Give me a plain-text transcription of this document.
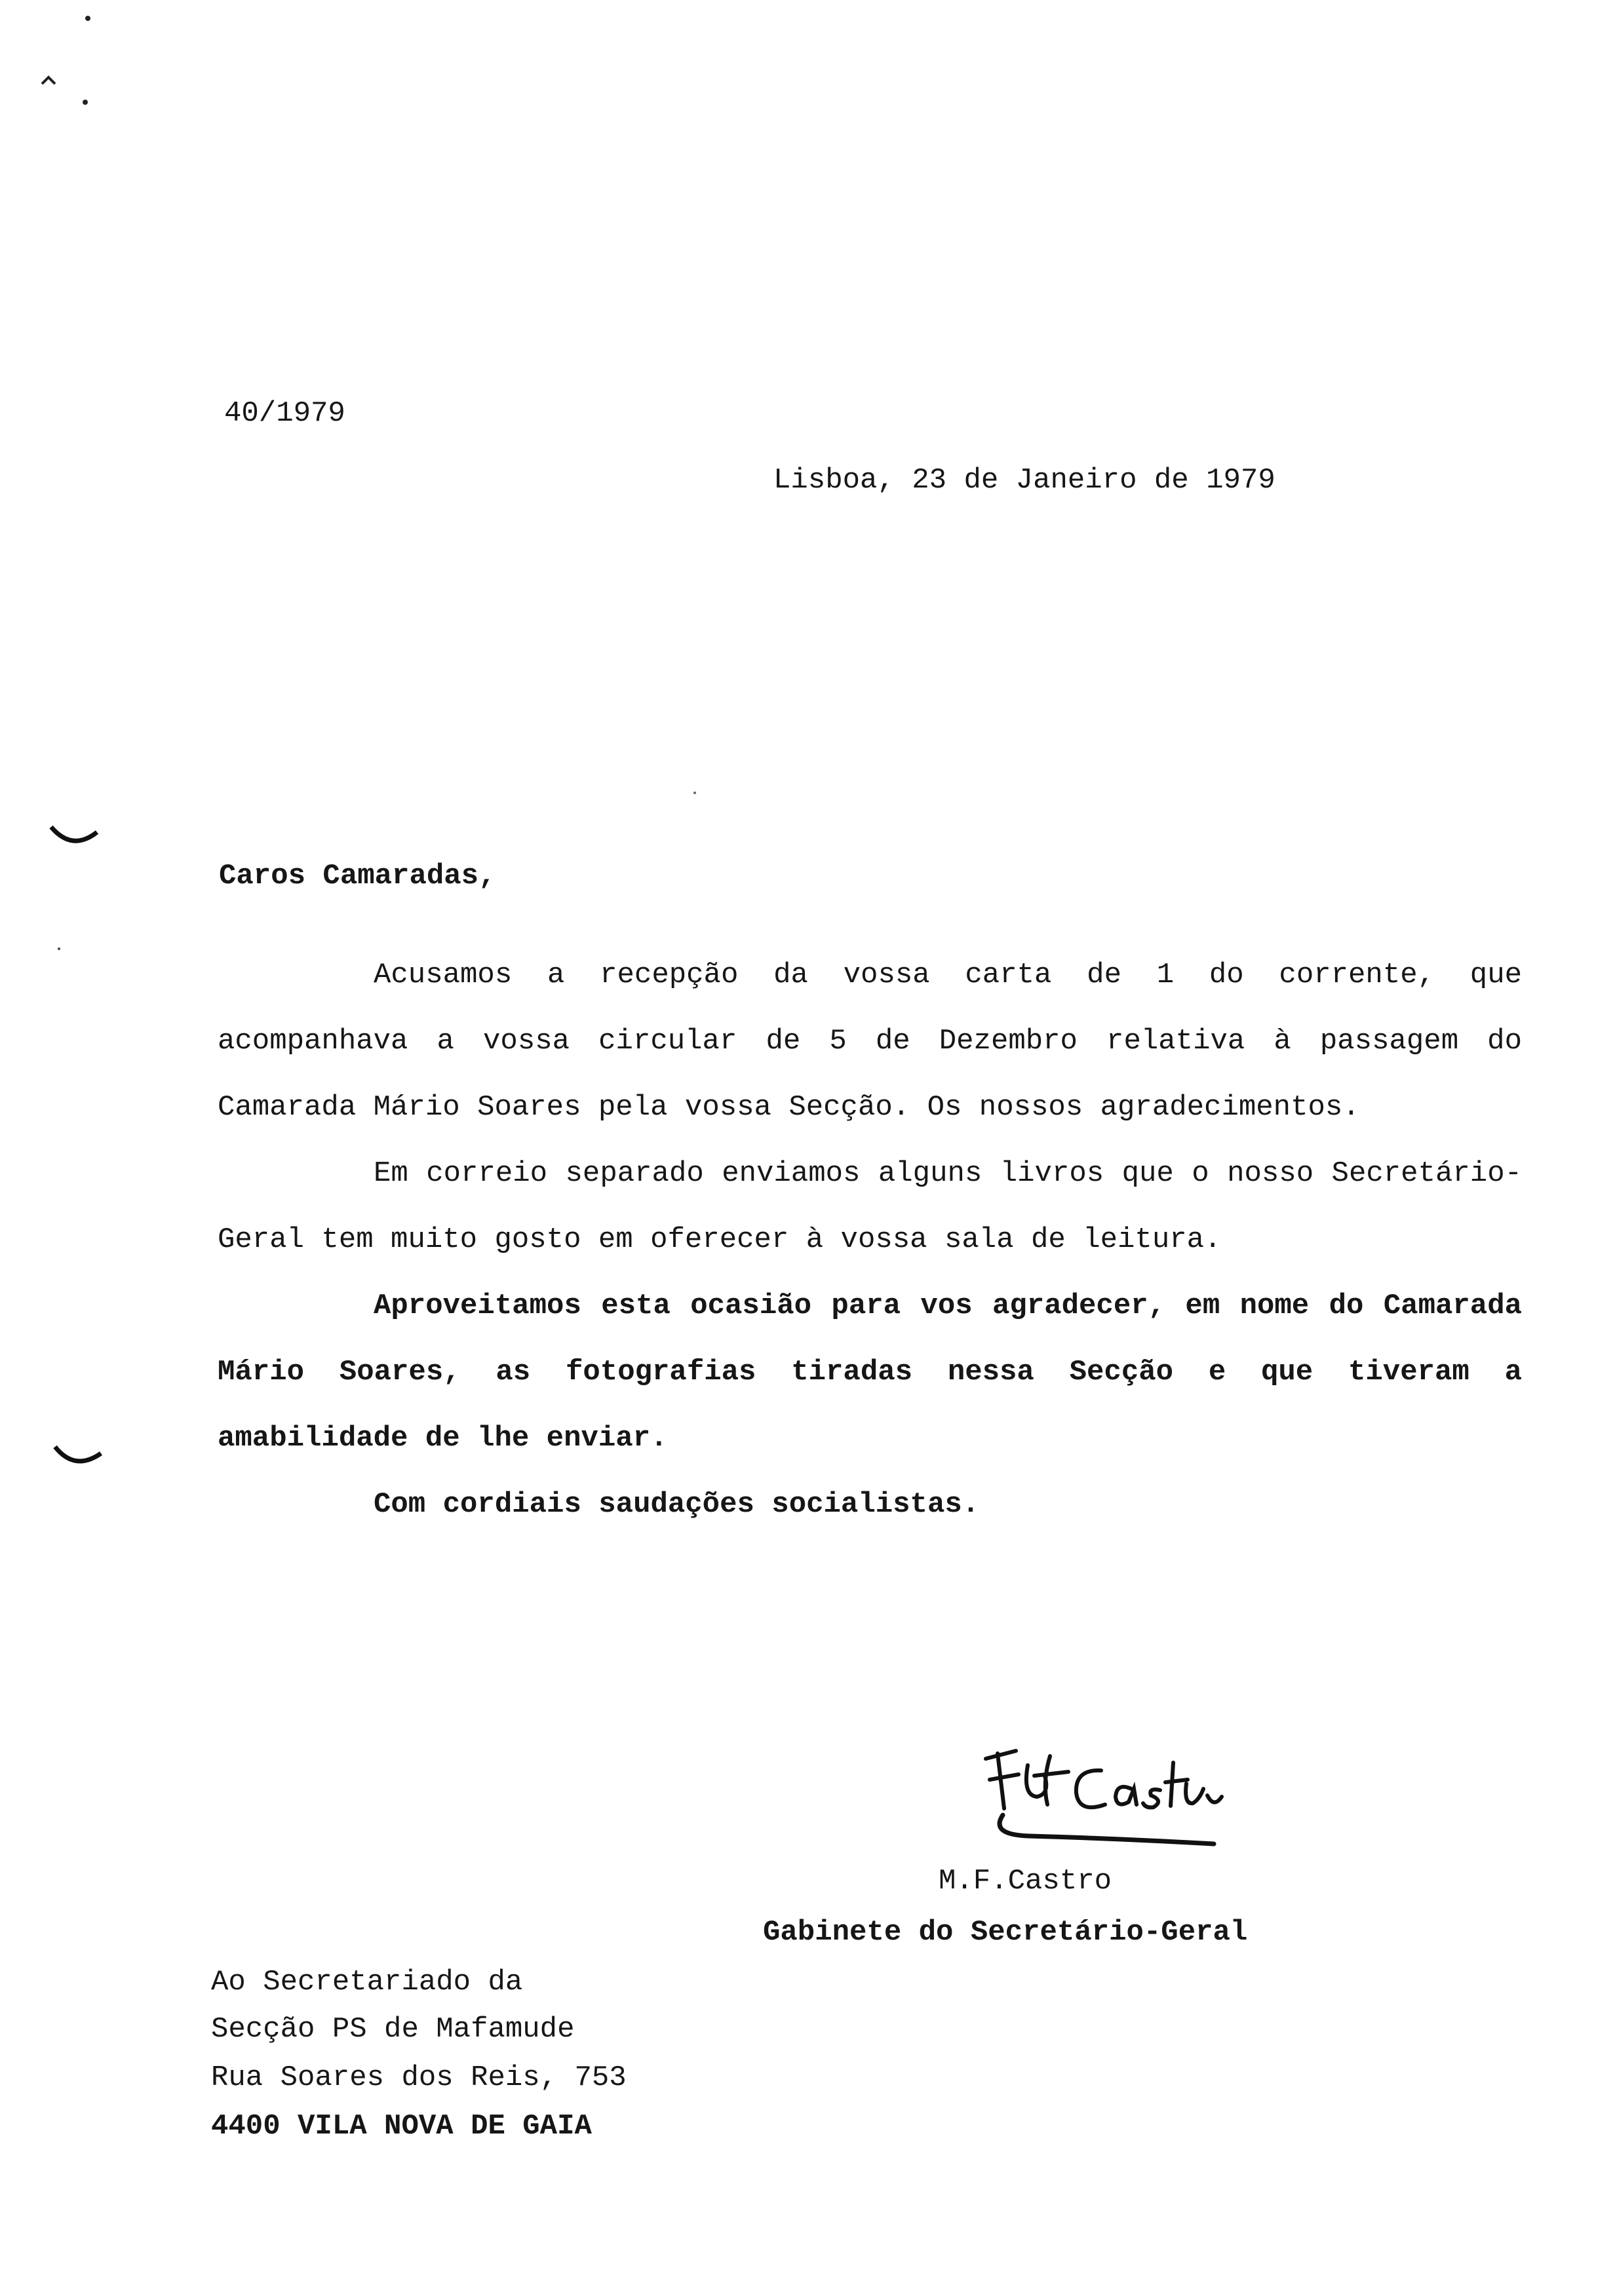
40/1979
Lisboa, 23 de Janeiro de 1979
Caros Camaradas,

Acusamos a recepção da vossa carta de 1 do corrente, que acompanhava a vossa circular de 5 de Dezembro relativa à passagem do Camarada Mário Soares pela vossa Secção. Os nossos agradecimentos.

Em correio separado enviamos alguns livros que o nosso Secretário-Geral tem muito gosto em oferecer à vossa sala de leitura.

Aproveitamos esta ocasião para vos agradecer, em nome do Camarada Mário Soares, as fotografias tiradas nessa Secção e que tiveram a amabilidade de lhe enviar.

Com cordiais saudações socialistas.

M.F.Castro
Gabinete do Secretário-Geral
Ao Secretariado da
Secção PS de Mafamude
Rua Soares dos Reis, 753
4400 VILA NOVA DE GAIA
